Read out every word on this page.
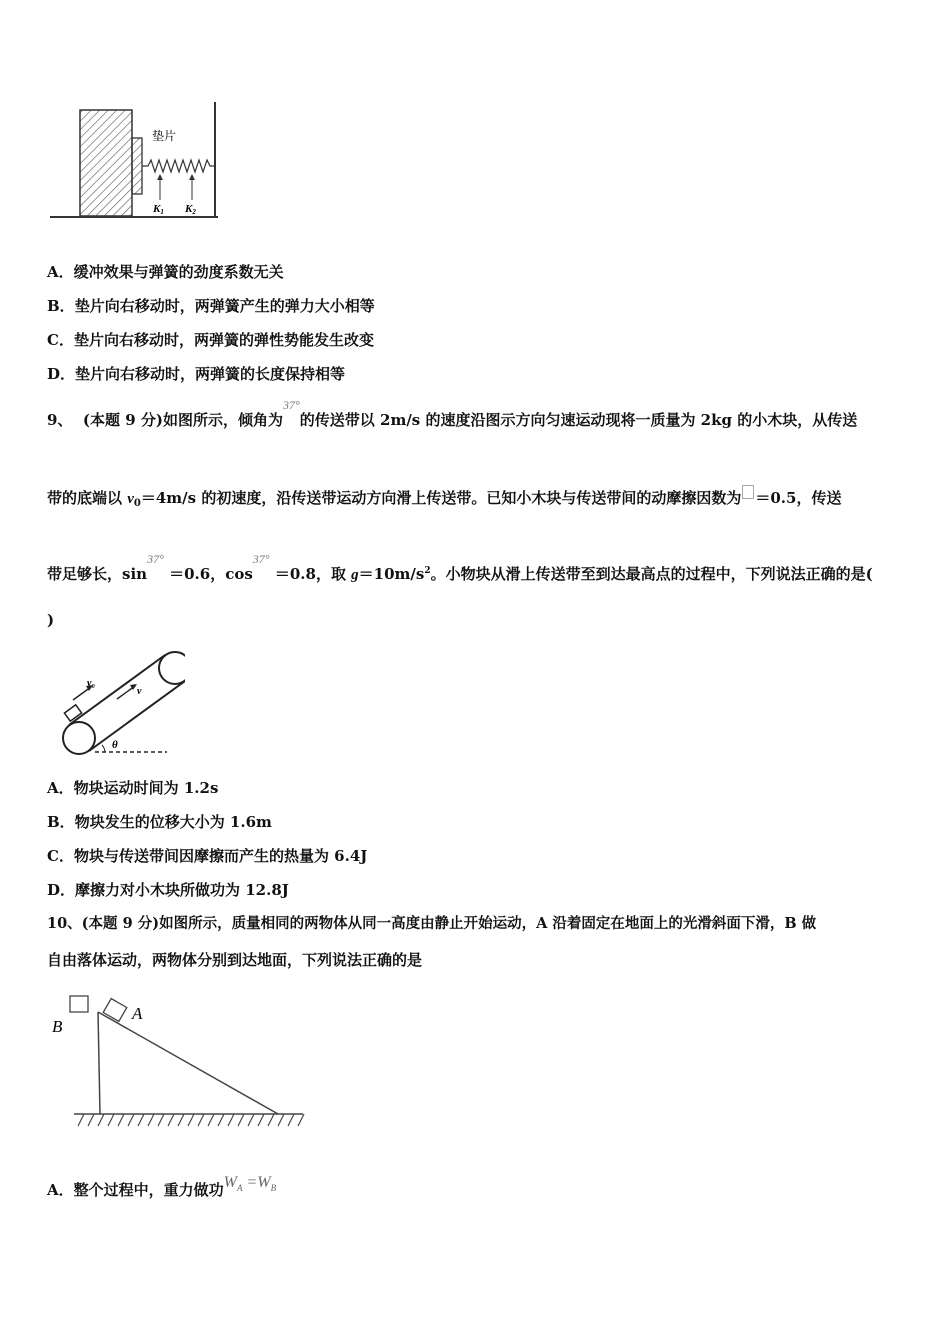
垫片
K1 K2
A．缓冲效果与弹簧的劲度系数无关
B．垫片向右移动时，两弹簧产生的弹力大小相等
C．垫片向右移动时，两弹簧的弹性势能发生改变
D．垫片向右移动时，两弹簧的长度保持相等
9、 (本题 9 分)如图所示，倾角为$^{37^\circ}$的传送带以 2m/s 的速度沿图示方向匀速运动现将一质量为 2kg 的小木块，从传送
带的底端以 $v_0=4m/s$ 的初速度，沿传送带运动方向滑上传送带。已知小木块与传送带间的动摩擦因数为 ＝0.5，传送
带足够长，$\sin^{37^\circ} =0.6$，$\cos^{37^\circ} =0.8$，取 $g=10m/s^2$。小物块从滑上传送带至到达最高点的过程中，下列说法正确的是(
)
v₀
v
θ
A．物块运动时间为 1.2s
B．物块发生的位移大小为 1.6m
C．物块与传送带间因摩擦而产生的热量为 6.4J
D．摩擦力对小木块所做功为 12.8J
10、(本题 9 分)如图所示，质量相同的两物体从同一高度由静止开始运动，A 沿着固定在地面上的光滑斜面下滑，B 做
自由落体运动，两物体分别到达地面，下列说法正确的是
B
A
A．整个过程中，重力做功$W_A =W_B$
